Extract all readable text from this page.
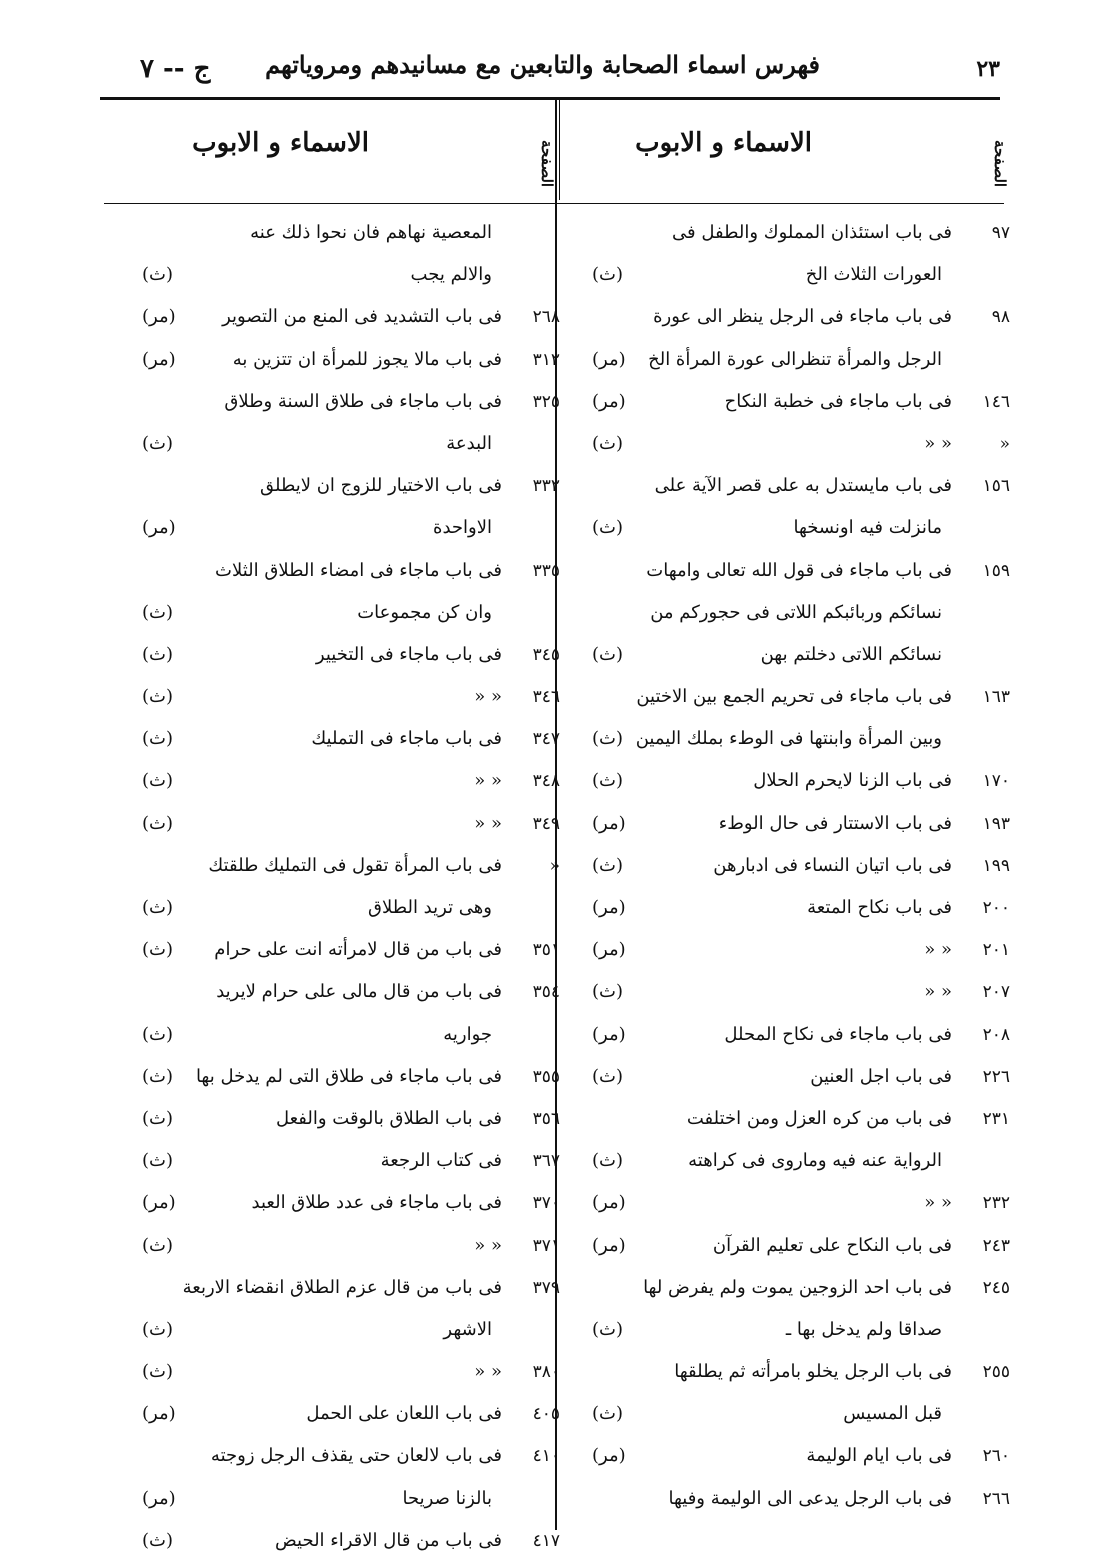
٢٣
فهرس اسماء الصحابة والتابعين مع مسانيدهم ومروياتهم
ج -- ٧
الصفحة
الاسماء و الابوب
الصفحة
الاسماء و الابوب
٩٧
فى باب استئذان المملوك والطفل فى
العورات الثلاث الخ
(ث)
٩٨
فى باب ماجاء فى الرجل ينظر الى عورة
الرجل والمرأة تنظرالى عورة المرأة الخ
(مر)
١٤٦
فى باب ماجاء فى خطبة النكاح
(مر)
«
« «
(ث)
١٥٦
فى باب مايستدل به على قصر الآية على
مانزلت فيه اونسخها
(ث)
١٥٩
فى باب ماجاء فى قول الله تعالى وامهات
نسائكم وربائبكم اللاتى فى حجوركم من
نسائكم اللاتى دخلتم بهن
(ث)
١٦٣
فى باب ماجاء فى تحريم الجمع بين الاختين
وبين المرأة وابنتها فى الوطء بملك اليمين
(ث)
١٧٠
فى باب الزنا لايحرم الحلال
(ث)
١٩٣
فى باب الاستتار فى حال الوطء
(مر)
١٩٩
فى باب اتيان النساء فى ادبارهن
(ث)
٢٠٠
فى باب نكاح المتعة
(مر)
٢٠١
« «
(مر)
٢٠٧
« «
(ث)
٢٠٨
فى باب ماجاء فى نكاح المحلل
(مر)
٢٢٦
فى باب اجل العنين
(ث)
٢٣١
فى باب من كره العزل ومن اختلفت
الرواية عنه فيه وماروى فى كراهته
(ث)
٢٣٢
« «
(مر)
٢٤٣
فى باب النكاح على تعليم القرآن
(مر)
٢٤٥
فى باب احد الزوجين يموت ولم يفرض لها
صداقا ولم يدخل بها ـ
(ث)
٢٥٥
فى باب الرجل يخلو بامرأته ثم يطلقها
قبل المسيس
(ث)
٢٦٠
فى باب ايام الوليمة
(مر)
٢٦٦
فى باب الرجل يدعى الى الوليمة وفيها
المعصية نهاهم فان نحوا ذلك عنه
والالم يجب
(ث)
٢٦٨
فى باب التشديد فى المنع من التصوير
(مر)
٣١٢
فى باب مالا يجوز للمرأة ان تتزين به
(مر)
٣٢٥
فى باب ماجاء فى طلاق السنة وطلاق
البدعة
(ث)
٣٣٢
فى باب الاختيار للزوج ان لايطلق
الاواحدة
(مر)
٣٣٥
فى باب ماجاء فى امضاء الطلاق الثلاث
وان كن مجموعات
(ث)
٣٤٥
فى باب ماجاء فى التخيير
(ث)
٣٤٦
« «
(ث)
٣٤٧
فى باب ماجاء فى التمليك
(ث)
٣٤٨
« «
(ث)
٣٤٩
« «
(ث)
«
فى باب المرأة تقول فى التمليك طلقتك
وهى تريد الطلاق
(ث)
٣٥١
فى باب من قال لامرأته انت على حرام
(ث)
٣٥٤
فى باب من قال مالى على حرام لايريد
جواريه
(ث)
٣٥٥
فى باب ماجاء فى طلاق التى لم يدخل بها
(ث)
٣٥٦
فى باب الطلاق بالوقت والفعل
(ث)
٣٦٧
فى كتاب الرجعة
(ث)
٣٧٠
فى باب ماجاء فى عدد طلاق العبد
(مر)
٣٧١
« «
(ث)
٣٧٩
فى باب من قال عزم الطلاق انقضاء الاربعة
الاشهر
(ث)
٣٨٠
« «
(ث)
٤٠٥
فى باب اللعان على الحمل
(مر)
٤١٠
فى باب لالعان حتى يقذف الرجل زوجته
بالزنا صريحا
(مر)
٤١٧
فى باب من قال الاقراء الحيض
(ث)
